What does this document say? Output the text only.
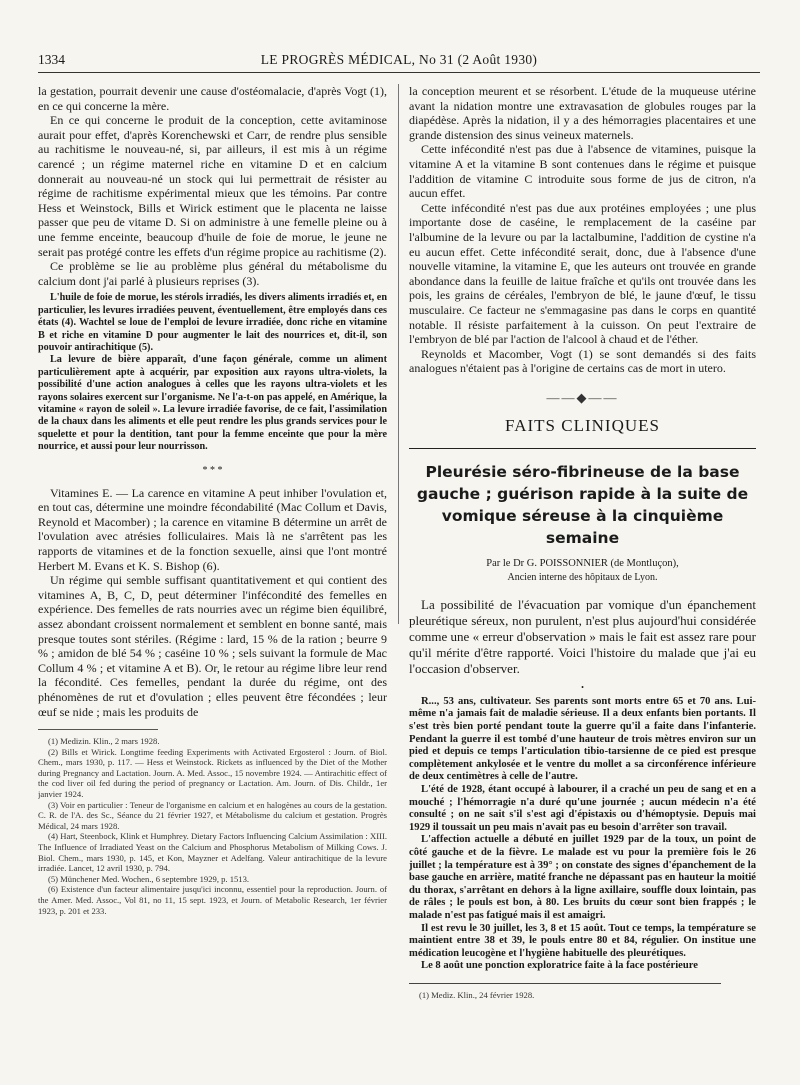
1334	LE PROGRÈS MÉDICAL, No 31 (2 Août 1930)

la gestation, pourrait devenir une cause d'ostéomalacie, d'après Vogt (1), en ce qui concerne la mère.

En ce qui concerne le produit de la conception, cette avitaminose aurait pour effet, d'après Korenchewski et Carr, de rendre plus sensible au rachitisme le nouveau-né, si, par ailleurs, il est mis à un régime carencé ; un régime maternel riche en vitamine D et en calcium donnerait au nouveau-né un stock qui lui permettrait de résister au régime de rachitisme expérimental mieux que les témoins. Par contre Hess et Weinstock, Bills et Wirick estiment que le placenta ne laisse passer que peu de vitame D. Si on administre à une femelle pleine ou à une femme enceinte, beaucoup d'huile de foie de morue, le jeune ne serait pas protégé contre les effets d'un régime propice au rachitisme (2).

Ce problème se lie au problème plus général du métabolisme du calcium dont j'ai parlé à plusieurs reprises (3).

L'huile de foie de morue, les stérols irradiés, les divers aliments irradiés et, en particulier, les levures irradiées peuvent, éventuellement, être employés dans ces états (4). Wachtel se loue de l'emploi de levure irradiée, donc riche en vitamine B et riche en vitamine D pour augmenter le lait des nourrices et, dit-il, son pouvoir antirachitique (5).

La levure de bière apparaît, d'une façon générale, comme un aliment particulièrement apte à acquérir, par exposition aux rayons ultra-violets, la possibilité d'une action analogues à celles que les rayons ultra-violets et les rayons solaires exercent sur l'organisme. Ne l'a-t-on pas appelé, en Amérique, la vitamine « rayon de soleil ». La levure irradiée favorise, de ce fait, l'assimilation de la chaux dans les aliments et elle peut rendre les plus grands services pour le squelette et pour la dentition, tant pour la femme enceinte que pour la mère nourrice, et aussi pour leur nourrisson.

* * *

Vitamines E. — La carence en vitamine A peut inhiber l'ovulation et, en tout cas, détermine une moindre fécondabilité (Mac Collum et Davis, Reynold et Macomber) ; la carence en vitamine B détermine un arrêt de l'ovulation avec atrésies folliculaires. Mais là ne s'arrêtent pas les rapports de vitamines et de la fonction sexuelle, ainsi que l'ont montré Herbert M. Evans et K. S. Bishop (6).

Un régime qui semble suffisant quantitativement et qui contient des vitamines A, B, C, D, peut déterminer l'infécondité des femelles en expérience. Des femelles de rats nourries avec un régime bien équilibré, assez abondant croissent normalement et semblent en bonne santé, mais presque toutes sont stériles. (Régime : lard, 15 % de la ration ; beurre 9 % ; amidon de blé 54 % ; caséine 10 % ; sels suivant la formule de Mac Collum 4 % ; et vitamine A et B). Or, le retour au régime libre leur rend la fécondité. Ces femelles, pendant la durée du régime, ont des phénomènes de rut et d'ovulation ; elles peuvent être fécondées ; leur œuf se nide ; mais les produits de

(1) Medizin. Klin., 2 mars 1928.

(2) Bills et Wirick. Longtime feeding Experiments with Activated Ergosterol : Journ. of Biol. Chem., mars 1930, p. 117. — Hess et Weinstock. Rickets as influenced by the Diet of the Mother during Pregnancy and Lactation. Journ. A. Med. Assoc., 15 novembre 1924. — Antirachitic effect of the cod liver oil fed during the period of pregnancy or Lactation. Am. Journ. of Dis. Childr., 1er janvier 1924.

(3) Voir en particulier : Teneur de l'organisme en calcium et en halogènes au cours de la gestation. C. R. de l'A. des Sc., Séance du 21 février 1927, et Métabolisme du calcium et gestation. Progrès Médical, 24 mars 1928.

(4) Hart, Steenbock, Klink et Humphrey. Dietary Factors Influencing Calcium Assimilation : XIII. The Influence of Irradiated Yeast on the Calcium and Phosphorus Metabolism of Milking Cows. J. Biol. Chem., mars 1930, p. 145, et Kon, Mayzner et Adelfang. Valeur antirachitique de la levure irradiée. Lancet, 12 avril 1930, p. 794.

(5) Münchener Med. Wochen., 6 septembre 1929, p. 1513.

(6) Existence d'un facteur alimentaire jusqu'ici inconnu, essentiel pour la reproduction. Journ. of the Amer. Med. Assoc., Vol 81, no 11, 15 sept. 1923, et Journ. of Metabolic Research, 1er février 1923, p. 201 et 233.

la conception meurent et se résorbent. L'étude de la muqueuse utérine avant la nidation montre une extravasation de globules rouges par la diapédèse. Après la nidation, il y a des hémorragies placentaires et une grande distension des sinus veineux maternels.

Cette infécondité n'est pas due à l'absence de vitamines, puisque la vitamine A et la vitamine B sont contenues dans le régime et puisque l'addition de vitamine C introduite sous forme de jus de citron, n'a aucun effet.

Cette infécondité n'est pas due aux protéines employées ; une plus importante dose de caséine, le remplacement de la caséine par l'albumine de la levure ou par la lactalbumine, l'addition de cystine n'a eu aucun effet. Cette infécondité serait, donc, due à l'absence d'une nouvelle vitamine, la vitamine E, que les auteurs ont trouvée en grande abondance dans la feuille de laitue fraîche et qu'ils ont trouvée dans les pois, les grains de céréales, l'embryon de blé, le jaune d'œuf, le tissu musculaire. Ce facteur ne s'emmagasine pas dans le corps en quantité notable. Il résiste parfaitement à la cuisson. On peut l'extraire de l'embryon de blé par l'action de l'alcool à chaud et de l'éther.

Reynolds et Macomber, Vogt (1) se sont demandés si des faits analogues n'étaient pas à l'origine de certains cas de mort in utero.

——◆——
FAITS CLINIQUES
Pleurésie séro-fibrineuse de la base gauche ; guérison rapide à la suite de vomique séreuse à la cinquième semaine
Par le Dr G. POISSONNIER (de Montluçon),
Ancien interne des hôpitaux de Lyon.

La possibilité de l'évacuation par vomique d'un épanchement pleurétique séreux, non purulent, n'est plus aujourd'hui considérée comme une « erreur d'observation » mais le fait est assez rare pour qu'il mérite d'être rapporté. Voici l'histoire du malade que j'ai eu l'occasion d'observer.

•

R..., 53 ans, cultivateur. Ses parents sont morts entre 65 et 70 ans. Lui-même n'a jamais fait de maladie sérieuse. Il a deux enfants bien portants. Il s'est très bien porté pendant toute la guerre qu'il a faite dans l'infanterie. Pendant la guerre il est tombé d'une hauteur de trois mètres environ sur un pied et depuis ce temps l'articulation tibio-tarsienne de ce pied est presque complètement ankylosée et le ventre du mollet a sa circonférence inférieure de deux centimètres à celle de l'autre.

L'été de 1928, étant occupé à labourer, il a craché un peu de sang et en a mouché ; l'hémorragie n'a duré qu'une journée ; aucun médecin n'a été consulté ; on ne sait s'il s'est agi d'épistaxis ou d'hémoptysie. Depuis mai 1929 il toussait un peu mais n'avait pas eu besoin d'arrêter son travail.

L'affection actuelle a débuté en juillet 1929 par de la toux, un point de côté gauche et de la fièvre. Le malade est vu pour la première fois le 26 juillet ; la température est à 39° ; on constate des signes d'épanchement de la base gauche en arrière, matité franche ne dépassant pas en hauteur la moitié du thorax, s'arrêtant en dehors à la ligne axillaire, souffle doux lointain, pas de râles ; le pouls est bon, à 80. Les bruits du cœur sont bien frappés ; le malade n'est pas fatigué mais il est amaigri.

Il est revu le 30 juillet, les 3, 8 et 15 août. Tout ce temps, la température se maintient entre 38 et 39, le pouls entre 80 et 84, régulier. On institue une médication leucogène et l'hygiène habituelle des pleurétiques.

Le 8 août une ponction exploratrice faite à la face postérieure

(1) Mediz. Klin., 24 février 1928.
